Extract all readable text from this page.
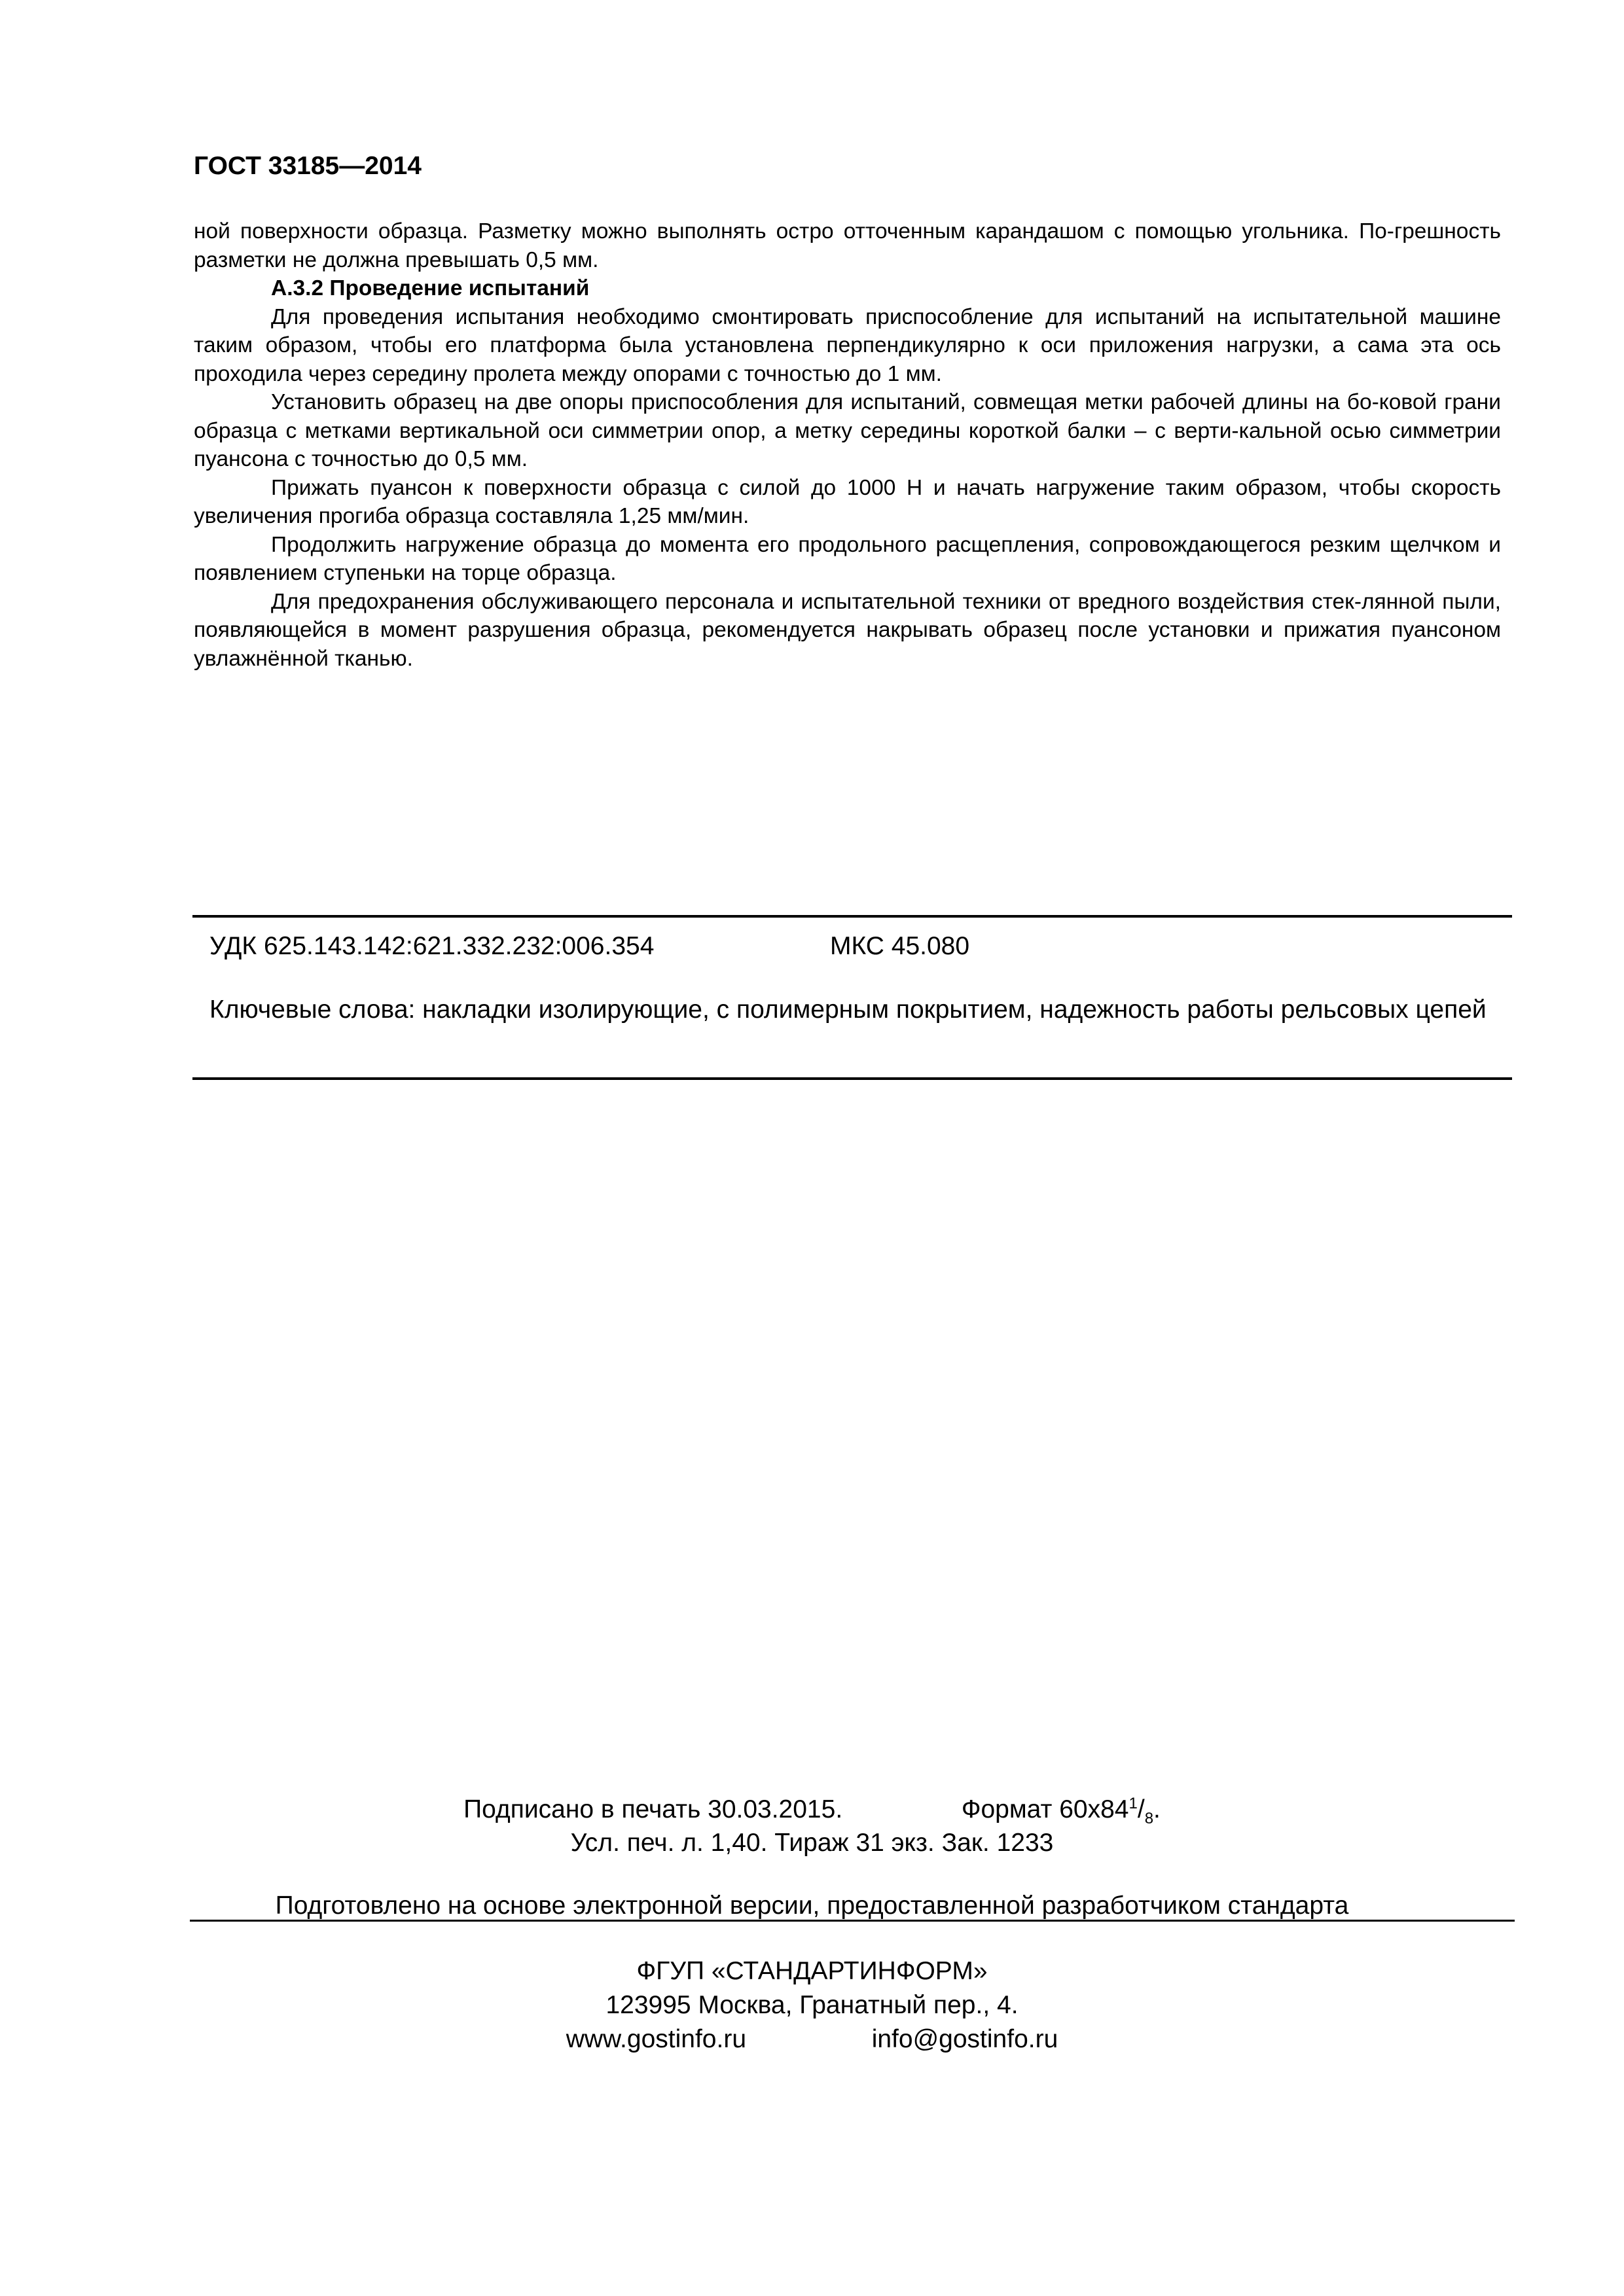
ГОСТ 33185—2014

ной поверхности образца. Разметку можно выполнять остро отточенным карандашом с помощью угольника. По-грешность разметки не должна превышать 0,5 мм.

А.3.2 Проведение испытаний

Для проведения испытания необходимо смонтировать приспособление для испытаний на испытательной машине таким образом, чтобы его платформа была установлена перпендикулярно к оси приложения нагрузки, а сама эта ось проходила через середину пролета между опорами с точностью до 1 мм.

Установить образец на две опоры приспособления для испытаний, совмещая метки рабочей длины на бо-ковой грани образца с метками вертикальной оси симметрии опор, а метку середины короткой балки – с верти-кальной осью симметрии пуансона с точностью до 0,5 мм.

Прижать пуансон к поверхности образца с силой до 1000 Н и начать нагружение таким образом, чтобы скорость увеличения прогиба образца составляла 1,25 мм/мин.

Продолжить нагружение образца до момента его продольного расщепления, сопровождающегося резким щелчком и появлением ступеньки на торце образца.

Для предохранения обслуживающего персонала и испытательной техники от вредного воздействия стек-лянной пыли, появляющейся в момент разрушения образца, рекомендуется накрывать образец после установки и прижатия пуансоном увлажнённой тканью.

УДК 625.143.142:621.332.232:006.354	МКС 45.080
Ключевые слова: накладки изолирующие, с полимерным покрытием, надежность работы рельсовых цепей
Подписано в печать 30.03.2015.	Формат $60x84^1/_8$.
Усл. печ. л. 1,40. Тираж 31 экз. Зак. 1233
Подготовлено на основе электронной версии, предоставленной разработчиком стандарта
ФГУП «СТАНДАРТИНФОРМ»
123995 Москва, Гранатный пер., 4.
www.gostinfo.ru	info@gostinfo.ru
